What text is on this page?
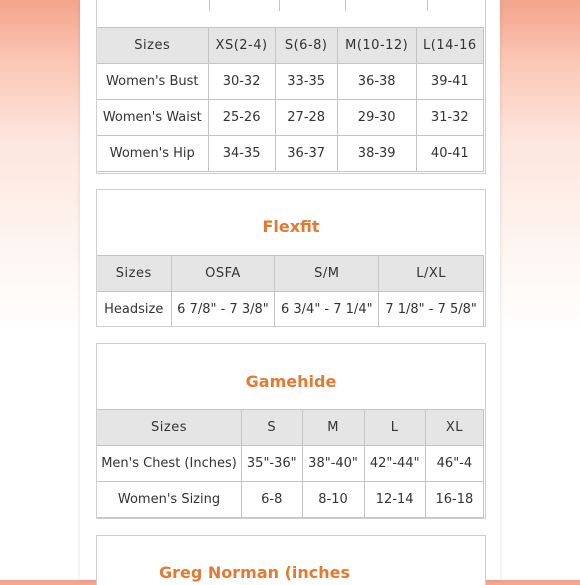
Sizes	XS(2-4)	S(6-8)	M(10-12)	L(14-16
Women's Bust	30-32	33-35	36-38	39-41
Women's Waist	25-26	27-28	29-30	31-32
Women's Hip	34-35	36-37	38-39	40-41
Flexfit
Sizes	OSFA	S/M	L/XL
Headsize	6 7/8" - 7 3/8"	6 3/4" - 7 1/4"	7 1/8" - 7 5/8"
Gamehide
Sizes	S	M	L	XL
Men's Chest (Inches)	35"-36"	38"-40"	42"-44"	46"-4
Women's Sizing	6-8	8-10	12-14	16-18
Greg Norman (inches
